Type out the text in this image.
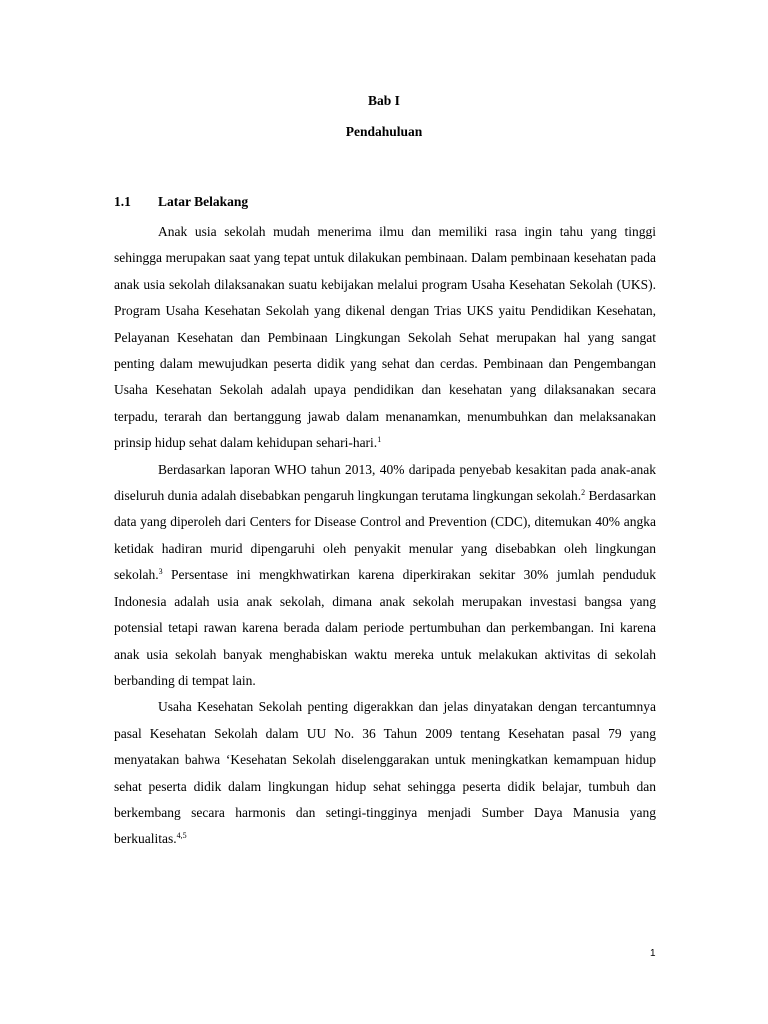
Bab I
Pendahuluan
1.1 Latar Belakang

Anak usia sekolah mudah menerima ilmu dan memiliki rasa ingin tahu yang tinggi sehingga merupakan saat yang tepat untuk dilakukan pembinaan. Dalam pembinaan kesehatan pada anak usia sekolah dilaksanakan suatu kebijakan melalui program Usaha Kesehatan Sekolah (UKS). Program Usaha Kesehatan Sekolah yang dikenal dengan Trias UKS yaitu Pendidikan Kesehatan, Pelayanan Kesehatan dan Pembinaan Lingkungan Sekolah Sehat merupakan hal yang sangat penting dalam mewujudkan peserta didik yang sehat dan cerdas. Pembinaan dan Pengembangan Usaha Kesehatan Sekolah adalah upaya pendidikan dan kesehatan yang dilaksanakan secara terpadu, terarah dan bertanggung jawab dalam menanamkan, menumbuhkan dan melaksanakan prinsip hidup sehat dalam kehidupan sehari-hari.$^1$

Berdasarkan laporan WHO tahun 2013, 40% daripada penyebab kesakitan pada anak-anak diseluruh dunia adalah disebabkan pengaruh lingkungan terutama lingkungan sekolah.$^2$ Berdasarkan data yang diperoleh dari Centers for Disease Control and Prevention (CDC), ditemukan 40% angka ketidak hadiran murid dipengaruhi oleh penyakit menular yang disebabkan oleh lingkungan sekolah.$^3$ Persentase ini mengkhwatirkan karena diperkirakan sekitar 30% jumlah penduduk Indonesia adalah usia anak sekolah, dimana anak sekolah merupakan investasi bangsa yang potensial tetapi rawan karena berada dalam periode pertumbuhan dan perkembangan. Ini karena anak usia sekolah banyak menghabiskan waktu mereka untuk melakukan aktivitas di sekolah berbanding di tempat lain.

Usaha Kesehatan Sekolah penting digerakkan dan jelas dinyatakan dengan tercantumnya pasal Kesehatan Sekolah dalam UU No. 36 Tahun 2009 tentang Kesehatan pasal 79 yang menyatakan bahwa ‘Kesehatan Sekolah diselenggarakan untuk meningkatkan kemampuan hidup sehat peserta didik dalam lingkungan hidup sehat sehingga peserta didik belajar, tumbuh dan berkembang secara harmonis dan setingi-tingginya menjadi Sumber Daya Manusia yang berkualitas.$^{4,5}$

1
